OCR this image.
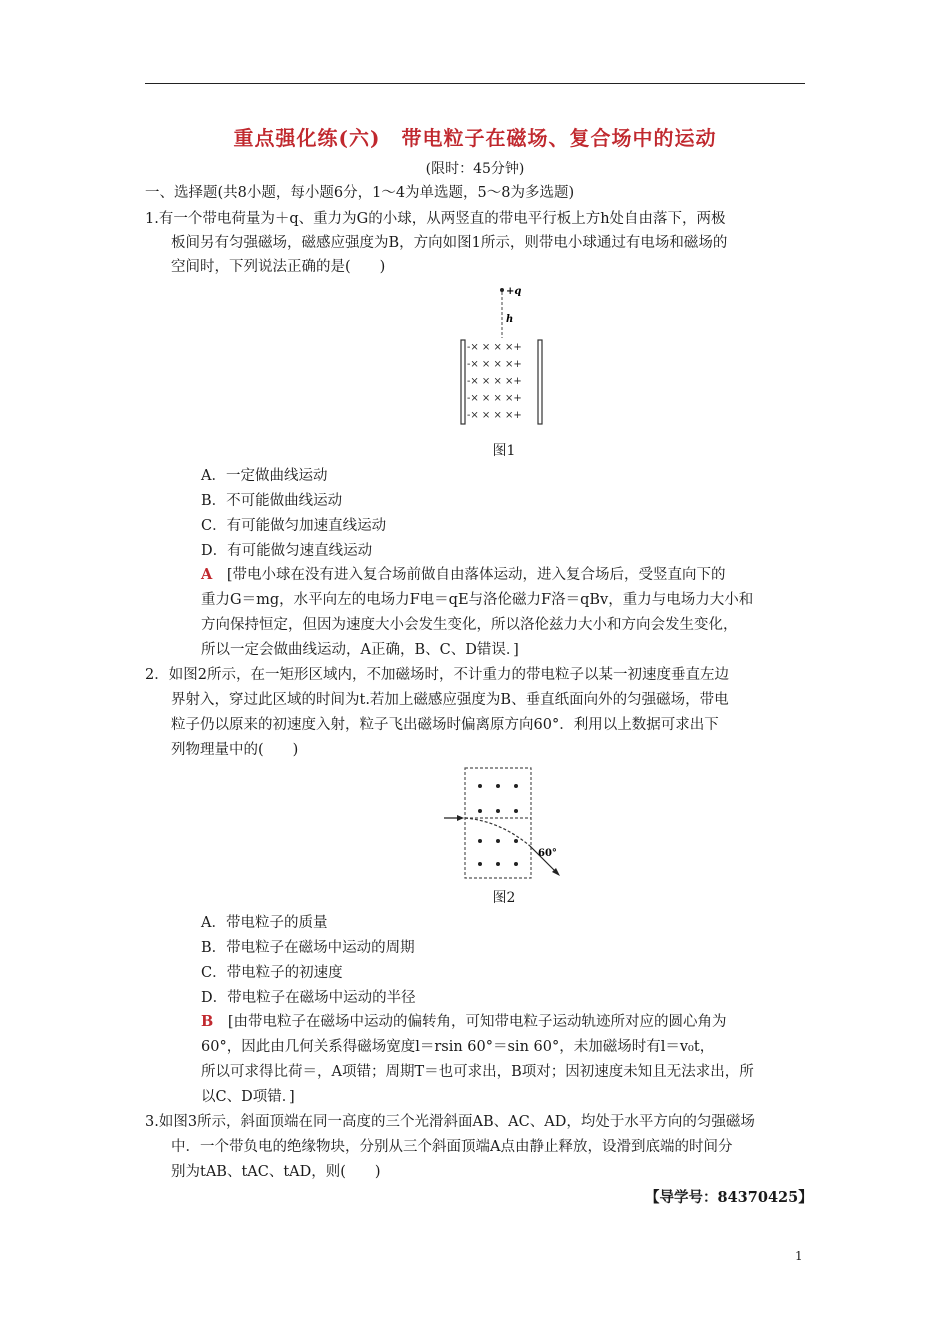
重点强化练(六)　带电粒子在磁场、复合场中的运动
(限时：45分钟)
一、选择题(共8小题，每小题6分，1～4为单选题，5～8为多选题)
1.有一个带电荷量为＋q、重力为G的小球，从两竖直的带电平行板上方h处自由落下，两极
板间另有匀强磁场，磁感应强度为B，方向如图1所示，则带电小球通过有电场和磁场的
空间时，下列说法正确的是(　　)
+q
h
-× × × ×+
-× × × ×+
-× × × ×+
-× × × ×+
-× × × ×+
图1
A．一定做曲线运动
B．不可能做曲线运动
C．有可能做匀加速直线运动
D．有可能做匀速直线运动
A [带电小球在没有进入复合场前做自由落体运动，进入复合场后，受竖直向下的
重力G＝mg，水平向左的电场力F电＝qE与洛伦磁力F洛＝qBv，重力与电场力大小和
方向保持恒定，但因为速度大小会发生变化，所以洛伦兹力大小和方向会发生变化，
所以一定会做曲线运动，A正确，B、C、D错误．]
2．如图2所示，在一矩形区域内，不加磁场时，不计重力的带电粒子以某一初速度垂直左边
界射入，穿过此区域的时间为t.若加上磁感应强度为B、垂直纸面向外的匀强磁场，带电
粒子仍以原来的初速度入射，粒子飞出磁场时偏离原方向60°．利用以上数据可求出下
列物理量中的(　　)
60°
图2
A．带电粒子的质量
B．带电粒子在磁场中运动的周期
C．带电粒子的初速度
D．带电粒子在磁场中运动的半径
B [由带电粒子在磁场中运动的偏转角，可知带电粒子运动轨迹所对应的圆心角为
60°，因此由几何关系得磁场宽度l＝rsin 60°＝sin 60°，未加磁场时有l＝v₀t，
所以可求得比荷＝，A项错；周期T＝也可求出，B项对；因初速度未知且无法求出，所
以C、D项错．]
3.如图3所示，斜面顶端在同一高度的三个光滑斜面AB、AC、AD，均处于水平方向的匀强磁场
中．一个带负电的绝缘物块，分别从三个斜面顶端A点由静止释放，设滑到底端的时间分
别为tAB、tAC、tAD，则(　　)
【导学号：84370425】
1
